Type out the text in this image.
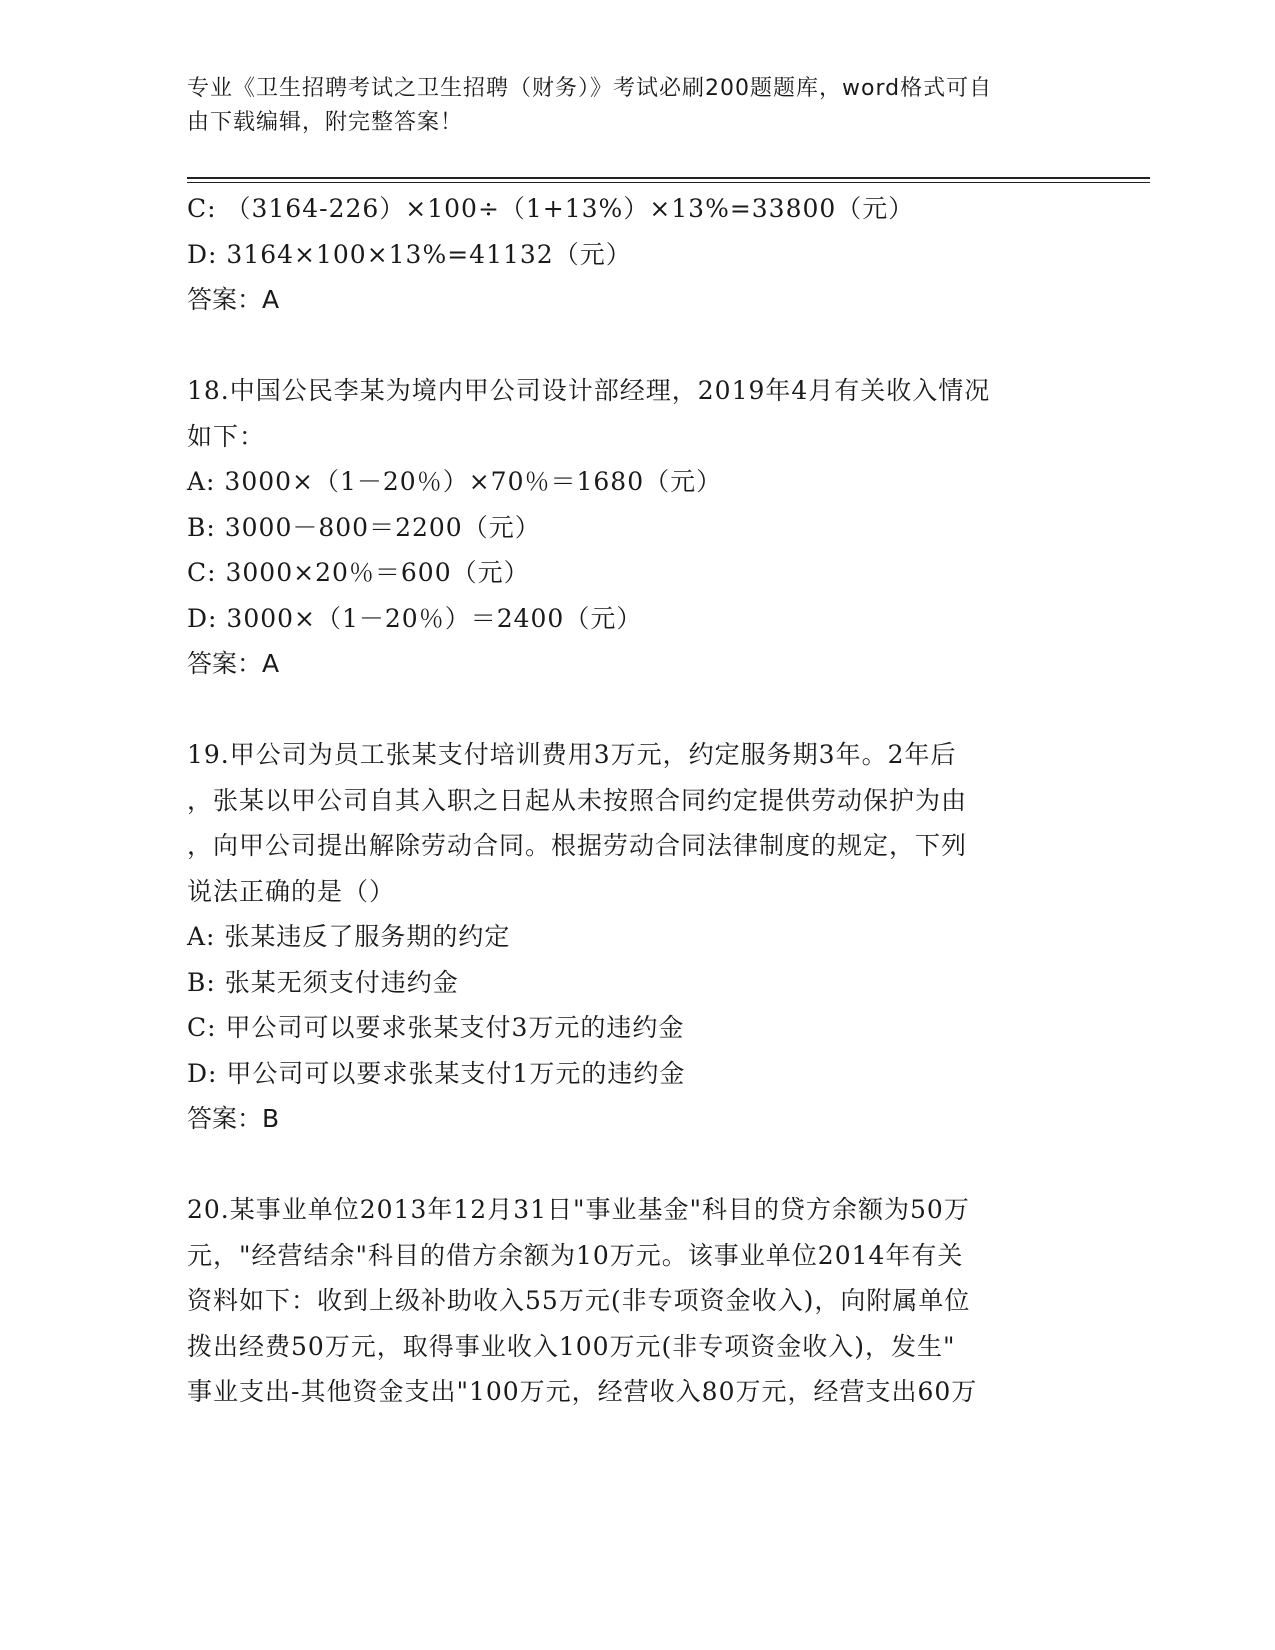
专业《卫生招聘考试之卫生招聘（财务）》考试必刷200题题库，word格式可自
由下载编辑，附完整答案！
C: （3164-226）×100÷（1+13%）×13%=33800（元）
D: 3164×100×13%=41132（元）
答案：A
18.中国公民李某为境内甲公司设计部经理，2019年4月有关收入情况
如下：
A: 3000×（1－20％）×70％＝1680（元）
B: 3000－800＝2200（元）
C: 3000×20％＝600（元）
D: 3000×（1－20％）＝2400（元）
答案：A
19.甲公司为员工张某支付培训费用3万元，约定服务期3年。2年后
，张某以甲公司自其入职之日起从未按照合同约定提供劳动保护为由
，向甲公司提出解除劳动合同。根据劳动合同法律制度的规定，下列
说法正确的是（）
A: 张某违反了服务期的约定
B: 张某无须支付违约金
C: 甲公司可以要求张某支付3万元的违约金
D: 甲公司可以要求张某支付1万元的违约金
答案：B
20.某事业单位2013年12月31日"事业基金"科目的贷方余额为50万
元，"经营结余"科目的借方余额为10万元。该事业单位2014年有关
资料如下：收到上级补助收入55万元(非专项资金收入)，向附属单位
拨出经费50万元，取得事业收入100万元(非专项资金收入)，发生"
事业支出-其他资金支出"100万元，经营收入80万元，经营支出60万
